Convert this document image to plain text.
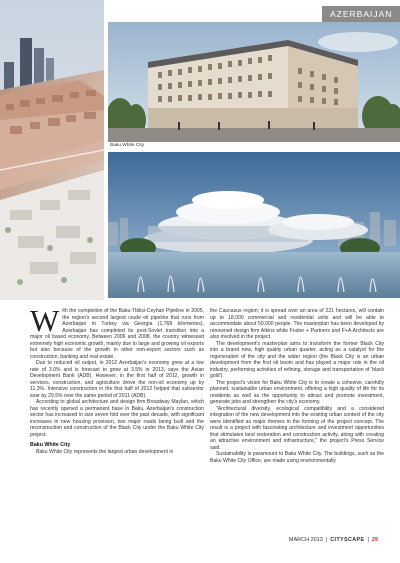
AZERBAIJAN
Baku White City
W ith the completion of the Baku-Tbilisi-Ceyhan Pipeline in 2005, the region's second largest crude oil pipeline that runs from Azerbaijan to Turkey via Georgia (1,768 kilometres), Azerbaijan has completed its post-Soviet transition into a major oil based economy. Between 2006 and 2008, the country witnessed extremely high economic growth, mainly due to large and growing oil exports but also because of the growth in other non-export sectors such as construction, banking and real estate.

Due to reduced oil output, in 2012 Azerbaijan's economy grew at a low rate of 3.0% and is forecast to grow at 3.5% in 2013, says the Asian Development Bank (ADB). However, in the first half of 2012, growth in services, construction, and agriculture drove the non-oil economy up by 11.3%. Intensive construction in the first half of 2012 helped that subsector soar by 29.5% over the same period of 2011 (ADB).

According to global architecture and design firm Broadway Maylan, which has recently opened a permanent base in Baku, Azerbaijan's construction sector has increased in size seven fold over the past decade, with significant increases in new housing provision, two major roads being built and the reconstruction and construction of the Black City under the Baku White City project.

Baku White City

Baku White City represents the largest urban development in

the Caucasus region; it is spread over an area of 221 hectares, will contain up to 18,000 commercial and residential units and will be able to accommodate about 50,000 people. The masterplan has been developed by renowned design firm Atkins while Foster + Partners and F+A Architects are also involved in the project.

The development's masterplan aims to transform the former Black City into a brand new, high quality urban quarter, acting as a catalyst for the regeneration of the city and the wider region (the Black City is an urban development from the first oil boom and has played a major role in the oil industry, performing activities of refining, storage and transportation of 'black gold').

The project's vision for Baku White City is to create a cohesive, carefully planned, sustainable urban environment, offering a high quality of life for its residents as well as the opportunity to attract and promote investment, generate jobs and strengthen the city's economy.

"Architectural diversity, ecological compatibility and a considered integration of the new development into the existing urban context of the city were identified as major themes in the forming of the project concept. The result is a project with fascinating architecture and investment opportunities that stimulates land restoration and construction activity, along with creating an attractive environment and infrastructure," the project's Press Service said.

Sustainability is paramount to Baku White City. The buildings, such as the Baku White City Office, are made using environmentally

MARCH 2013 | CITYSCAPE | 29
